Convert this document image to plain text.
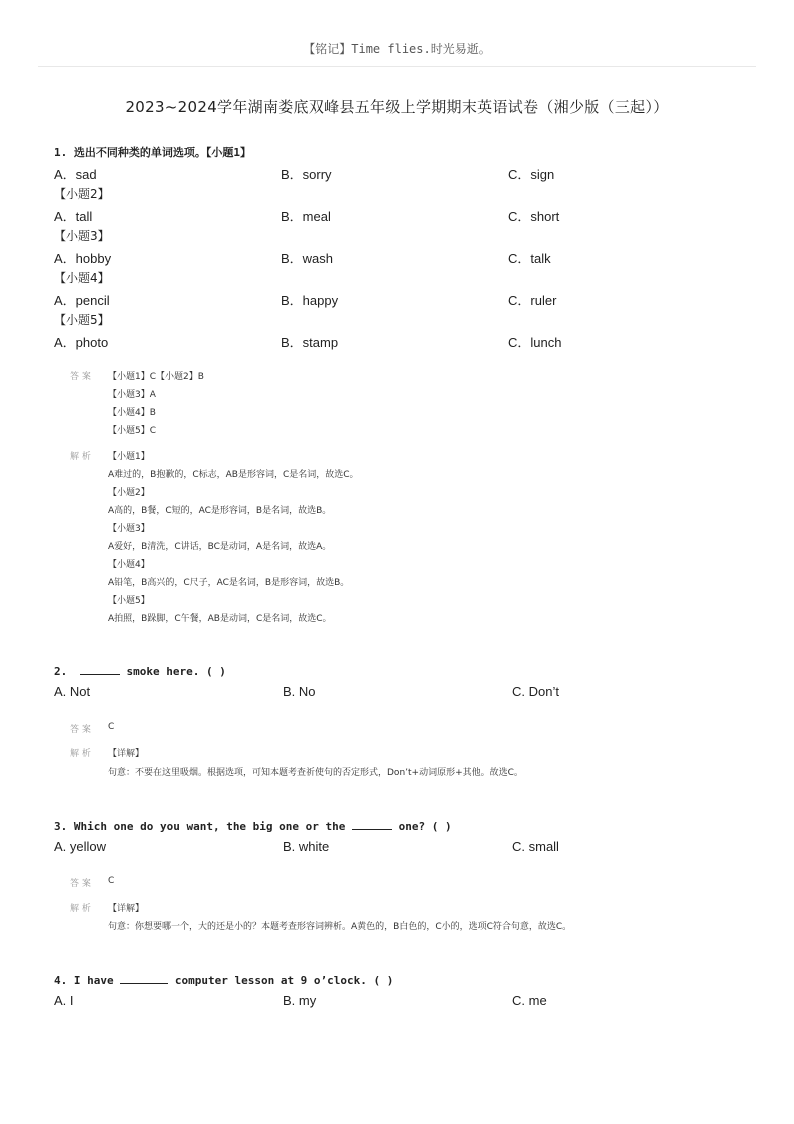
【铭记】Time flies.时光易逝。
2023~2024学年湖南娄底双峰县五年级上学期期末英语试卷（湘少版（三起））
1. 选出不同种类的单词选项。【小题1】
A．sad	B．sorry	C．sign
【小题2】
A．tall	B．meal	C．short
【小题3】
A．hobby	B．wash	C．talk
【小题4】
A．pencil	B．happy	C．ruler
【小题5】
A．photo	B．stamp	C．lunch
答 案 【小题1】C【小题2】B
【小题3】A
【小题4】B
【小题5】C
解 析 【小题1】
A难过的，B抱歉的，C标志，AB是形容词，C是名词，故选C。
【小题2】
A高的，B餐，C短的，AC是形容词，B是名词，故选B。
【小题3】
A爱好，B清洗，C讲话，BC是动词，A是名词，故选A。
【小题4】
A铅笔，B高兴的，C尺子，AC是名词，B是形容词，故选B。
【小题5】
A拍照，B跺脚，C午餐，AB是动词，C是名词，故选C。
2.	smoke here. ( )
A. Not	B. No	C. Don’t
答 案 C
解 析 【详解】
句意：不要在这里吸烟。根据选项，可知本题考查祈使句的否定形式，Don’t+动词原形+其他。故选C。
3. Which one do you want, the big one or the	one? ( )
A. yellow	B. white	C. small
答 案 C
解 析 【详解】
句意：你想要哪一个，大的还是小的？本题考查形容词辨析。A黄色的，B白色的，C小的，选项C符合句意，故选C。
4. I have	computer lesson at 9 o’clock. ( )
A. I	B. my	C. me
